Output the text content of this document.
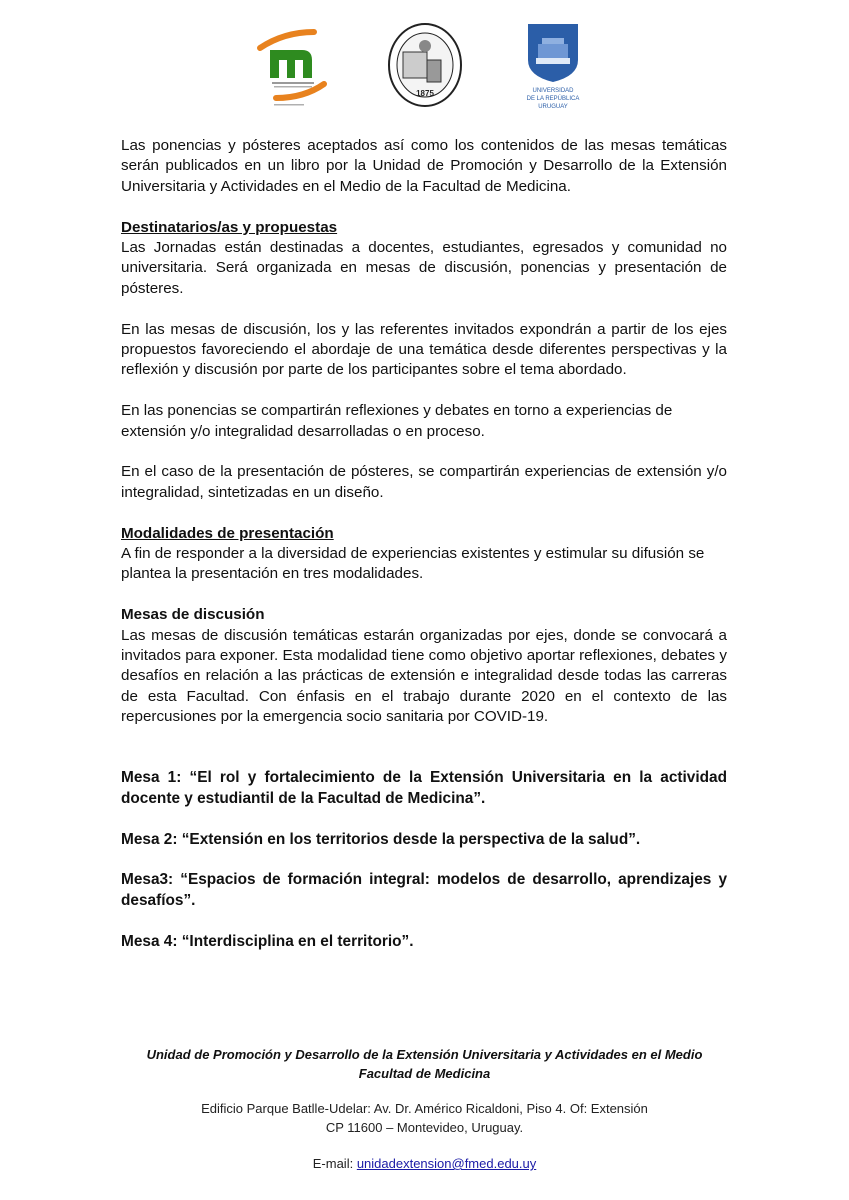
1875	UNIVERSIDAD
DE LA REPÚBLICA
URUGUAY

Las ponencias y pósteres aceptados así como los contenidos de las mesas temáticas serán publicados en un libro por la Unidad de Promoción y Desarrollo de la Extensión Universitaria y Actividades en el Medio de la Facultad de Medicina.

Destinatarios/as y propuestas

Las Jornadas están destinadas a docentes, estudiantes, egresados y comunidad no universitaria. Será organizada en mesas de discusión, ponencias y presentación de pósteres.

En las mesas de discusión, los y las referentes invitados expondrán a partir de los ejes propuestos favoreciendo el abordaje de una temática desde diferentes perspectivas y la reflexión y discusión por parte de los participantes sobre el tema abordado.

En las ponencias se compartirán reflexiones y debates en torno a experiencias de extensión y/o integralidad desarrolladas o en proceso.

En el caso de la presentación de pósteres, se compartirán experiencias de extensión y/o integralidad, sintetizadas en un diseño.

Modalidades de presentación

A fin de responder a la diversidad de experiencias existentes y estimular su difusión se plantea la presentación en tres modalidades.

Mesas de discusión

Las mesas de discusión temáticas estarán organizadas por ejes, donde se convocará a invitados para exponer. Esta modalidad tiene como objetivo aportar reflexiones, debates y desafíos en relación a las prácticas de extensión e integralidad desde todas las carreras de esta Facultad. Con énfasis en el trabajo durante 2020 en el contexto de las repercusiones por la emergencia socio sanitaria por COVID-19.

Mesa 1: “El rol y fortalecimiento de la Extensión Universitaria en la actividad docente y estudiantil de la Facultad de Medicina”.

Mesa 2: “Extensión en los territorios desde la perspectiva de la salud”.

Mesa3: “Espacios de formación integral: modelos de desarrollo, aprendizajes y desafíos”.

Mesa 4: “Interdisciplina en el territorio”.

Unidad de Promoción y Desarrollo de la Extensión Universitaria y Actividades en el Medio
Facultad de Medicina
Edificio Parque Batlle-Udelar: Av. Dr. Américo Ricaldoni, Piso 4. Of: Extensión
CP 11600 – Montevideo, Uruguay.
E-mail: unidadextension@fmed.edu.uy
